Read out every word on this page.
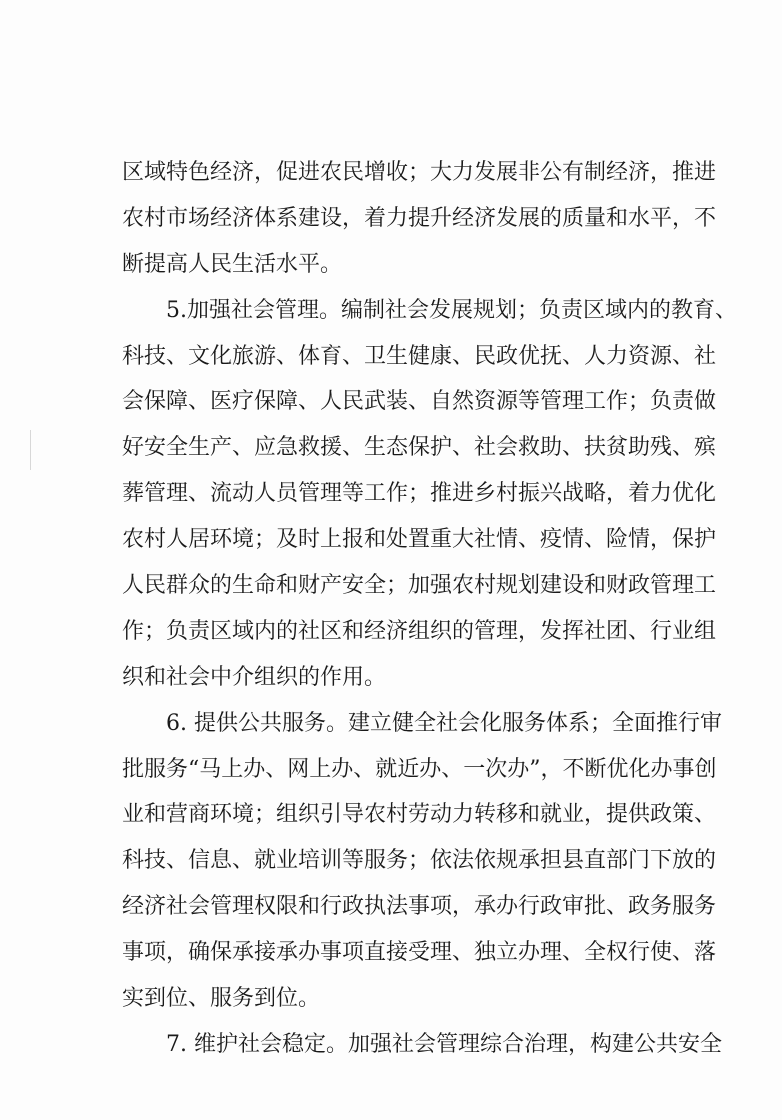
区域特色经济，促进农民增收；大力发展非公有制经济，推进
农村市场经济体系建设，着力提升经济发展的质量和水平，不
断提高人民生活水平。
5.加强社会管理。编制社会发展规划；负责区域内的教育、
科技、文化旅游、体育、卫生健康、民政优抚、人力资源、社
会保障、医疗保障、人民武装、自然资源等管理工作；负责做
好安全生产、应急救援、生态保护、社会救助、扶贫助残、殡
葬管理、流动人员管理等工作；推进乡村振兴战略，着力优化
农村人居环境；及时上报和处置重大社情、疫情、险情，保护
人民群众的生命和财产安全；加强农村规划建设和财政管理工
作；负责区域内的社区和经济组织的管理，发挥社团、行业组
织和社会中介组织的作用。
6. 提供公共服务。建立健全社会化服务体系；全面推行审
批服务“马上办、网上办、就近办、一次办”，不断优化办事创
业和营商环境；组织引导农村劳动力转移和就业，提供政策、
科技、信息、就业培训等服务；依法依规承担县直部门下放的
经济社会管理权限和行政执法事项，承办行政审批、政务服务
事项，确保承接承办事项直接受理、独立办理、全权行使、落
实到位、服务到位。
7. 维护社会稳定。加强社会管理综合治理，构建公共安全
